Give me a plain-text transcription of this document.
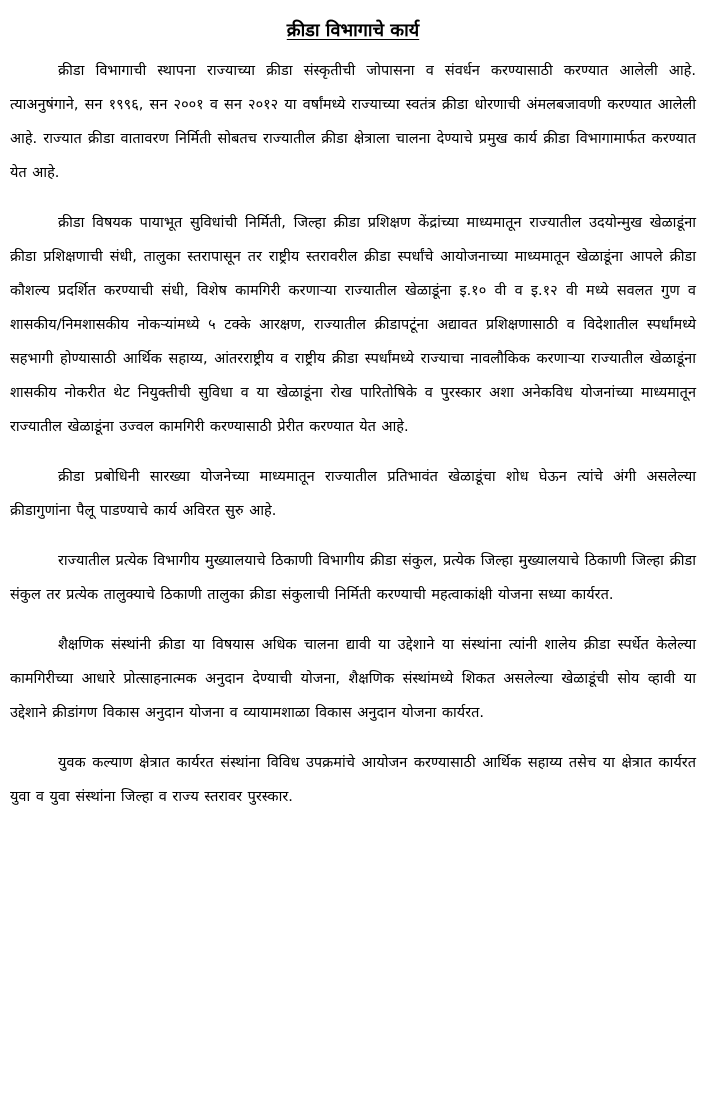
क्रीडा विभागाचे कार्य

क्रीडा विभागाची स्थापना राज्याच्या क्रीडा संस्कृतीची जोपासना व संवर्धन करण्यासाठी करण्यात आलेली आहे. त्याअनुषंगाने, सन १९९६, सन २००१ व सन २०१२ या वर्षांमध्ये राज्याच्या स्वतंत्र क्रीडा धोरणाची अंमलबजावणी करण्यात आलेली आहे. राज्यात क्रीडा वातावरण निर्मिती सोबतच राज्यातील क्रीडा क्षेत्राला चालना देण्याचे प्रमुख कार्य क्रीडा विभागामार्फत करण्यात येत आहे.

क्रीडा विषयक पायाभूत सुविधांची निर्मिती, जिल्हा क्रीडा प्रशिक्षण केंद्रांच्या माध्यमातून राज्यातील उदयोन्मुख खेळाडूंना क्रीडा प्रशिक्षणाची संधी, तालुका स्तरापासून तर राष्ट्रीय स्तरावरील क्रीडा स्पर्धांचे आयोजनाच्या माध्यमातून खेळाडूंना आपले क्रीडा कौशल्य प्रदर्शित करण्याची संधी, विशेष कामगिरी करणाऱ्या राज्यातील खेळाडूंना इ.१० वी व इ.१२ वी मध्ये सवलत गुण व शासकीय/निमशासकीय नोकऱ्यांमध्ये ५ टक्के आरक्षण, राज्यातील क्रीडापटूंना अद्यावत प्रशिक्षणासाठी व विदेशातील स्पर्धांमध्ये सहभागी होण्यासाठी आर्थिक सहाय्य, आंतरराष्ट्रीय व राष्ट्रीय क्रीडा स्पर्धांमध्ये राज्याचा नावलौकिक करणाऱ्या राज्यातील खेळाडूंना शासकीय नोकरीत थेट नियुक्तीची सुविधा व या खेळाडूंना रोख पारितोषिके व पुरस्कार अशा अनेकविध योजनांच्या माध्यमातून राज्यातील खेळाडूंना उज्वल कामगिरी करण्यासाठी प्रेरीत करण्यात येत आहे.

क्रीडा प्रबोधिनी सारख्या योजनेच्या माध्यमातून राज्यातील प्रतिभावंत खेळाडूंचा शोध घेऊन त्यांचे अंगी असलेल्या क्रीडागुणांना पैलू पाडण्याचे कार्य अविरत सुरु आहे.

राज्यातील प्रत्येक विभागीय मुख्यालयाचे ठिकाणी विभागीय क्रीडा संकुल, प्रत्येक जिल्हा मुख्यालयाचे ठिकाणी जिल्हा क्रीडा संकुल तर प्रत्येक तालुक्याचे ठिकाणी तालुका क्रीडा संकुलाची निर्मिती करण्याची महत्वाकांक्षी योजना सध्या कार्यरत.

शैक्षणिक संस्थांनी क्रीडा या विषयास अधिक चालना द्यावी या उद्देशाने या संस्थांना त्यांनी शालेय क्रीडा स्पर्धेत केलेल्या कामगिरीच्या आधारे प्रोत्साहनात्मक अनुदान देण्याची योजना, शैक्षणिक संस्थांमध्ये शिकत असलेल्या खेळाडूंची सोय व्हावी या उद्देशाने क्रीडांगण विकास अनुदान योजना व व्यायामशाळा विकास अनुदान योजना कार्यरत.

युवक कल्याण क्षेत्रात कार्यरत संस्थांना विविध उपक्रमांचे आयोजन करण्यासाठी आर्थिक सहाय्य तसेच या क्षेत्रात कार्यरत युवा व युवा संस्थांना जिल्हा व राज्य स्तरावर पुरस्कार.
